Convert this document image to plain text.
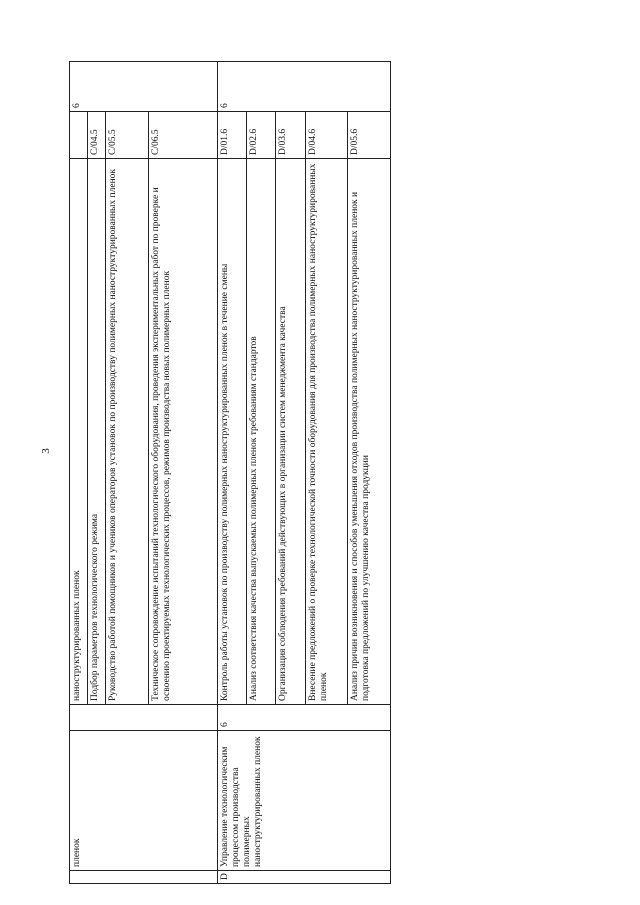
3
	пленок		наноструктурированных пленок		6
			Подбор параметров технологического режима	C/04.5	
			Руководство работой помощников и учеников операторов установок по производству полимерных наноструктурированных пленок	C/05.5	
			Техническое сопровождение испытаний технологического оборудования, проведения экспериментальных работ по проверке и освоению проектируемых технологических процессов, режимов производства новых полимерных пленок	C/06.5	
D	Управление технологическим процессом производства полимерных наноструктурированных пленок	6	Контроль работы установок по производству полимерных наноструктурированных пленок в течение смены	D/01.6	6
			Анализ соответствия качества выпускаемых полимерных пленок требованиям стандартов	D/02.6	
			Организация соблюдения требований действующих в организации систем менеджмента качества	D/03.6	
			Внесение предложений о проверке технологической точности оборудования для производства полимерных наноструктурированных пленок	D/04.6	
			Анализ причин возникновения и способов уменьшения отходов производства полимерных наноструктурированных пленок и подготовка предложений по улучшению качества продукции	D/05.6	
